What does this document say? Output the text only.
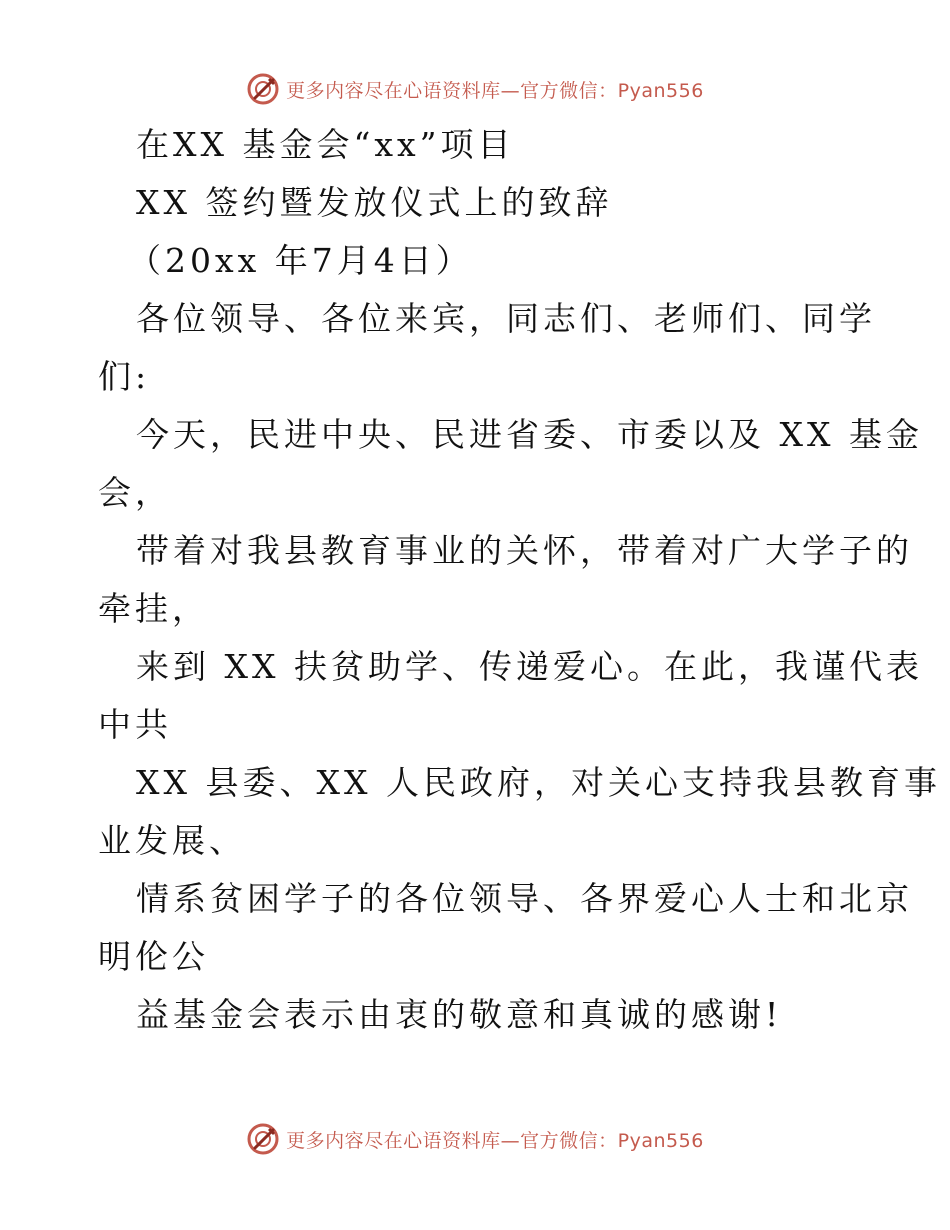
更多内容尽在心语资料库—官方微信：Pyan556
在XX 基金会“xx”项目
XX 签约暨发放仪式上的致辞
（20xx 年7月4日）
各位领导、各位来宾，同志们、老师们、同学
们:
今天，民进中央、民进省委、市委以及 XX 基金
会，
带着对我县教育事业的关怀，带着对广大学子的
牵挂，
来到 XX 扶贫助学、传递爱心。在此，我谨代表
中共
XX 县委、XX 人民政府，对关心支持我县教育事
业发展、
情系贫困学子的各位领导、各界爱心人士和北京
明伦公
益基金会表示由衷的敬意和真诚的感谢!
更多内容尽在心语资料库—官方微信：Pyan556
